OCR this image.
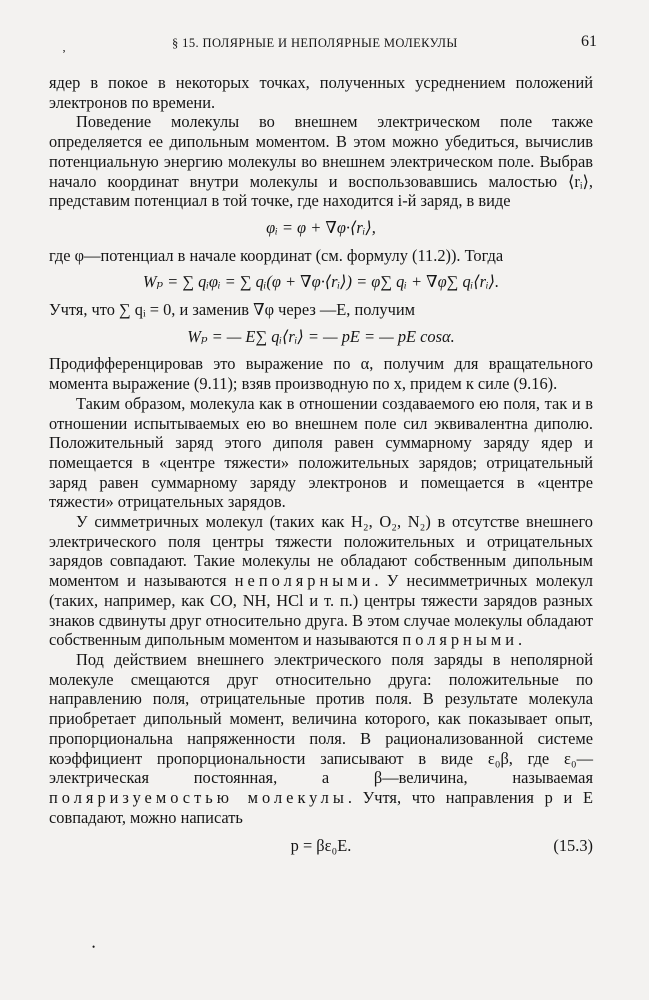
‚	§ 15. ПОЛЯРНЫЕ И НЕПОЛЯРНЫЕ МОЛЕКУЛЫ	61

ядер в покое в некоторых точках, полученных усреднением положений электронов по времени.

Поведение молекулы во внешнем электрическом поле также определяется ее дипольным моментом. В этом можно убедиться, вычислив потенциальную энергию молекулы во внешнем электрическом поле. Выбрав начало координат внутри молекулы и воспользовавшись малостью ⟨rᵢ⟩, представим потенциал в той точке, где находится i-й заряд, в виде

φᵢ = φ + ∇φ·⟨rᵢ⟩,

где φ—потенциал в начале координат (см. формулу (11.2)). Тогда

Wₚ = ∑ qᵢφᵢ = ∑ qᵢ(φ + ∇φ·⟨rᵢ⟩) = φ∑ qᵢ + ∇φ∑ qᵢ⟨rᵢ⟩.

Учтя, что ∑ qᵢ = 0, и заменив ∇φ через —E, получим

Wₚ = — E∑ qᵢ⟨rᵢ⟩ = — pE = — pE cosα.

Продифференцировав это выражение по α, получим для вращательного момента выражение (9.11); взяв производную по x, придем к силе (9.16).

Таким образом, молекула как в отношении создаваемого ею поля, так и в отношении испытываемых ею во внешнем поле сил эквивалентна диполю. Положительный заряд этого диполя равен суммарному заряду ядер и помещается в «центре тяжести» положительных зарядов; отрицательный заряд равен суммарному заряду электронов и помещается в «центре тяжести» отрицательных зарядов.

У симметричных молекул (таких как H₂, O₂, N₂) в отсутстве внешнего электрического поля центры тяжести положительных и отрицательных зарядов совпадают. Такие молекулы не обладают собственным дипольным моментом и называются неполярными. У несимметричных молекул (таких, например, как CO, NH, HCl и т. п.) центры тяжести зарядов разных знаков сдвинуты друг относительно друга. В этом случае молекулы обладают собственным дипольным моментом и называются полярными.

Под действием внешнего электрического поля заряды в неполярной молекуле смещаются друг относительно друга: положительные по направлению поля, отрицательные против поля. В результате молекула приобретает дипольный момент, величина которого, как показывает опыт, пропорциональна напряженности поля. В рационализованной системе коэффициент пропорциональности записывают в виде ε₀β, где ε₀—электрическая постоянная, а β—величина, называемая поляризуемостью молекулы. Учтя, что направления p и E совпадают, можно написать

p = βε₀E.	(15.3)
•
